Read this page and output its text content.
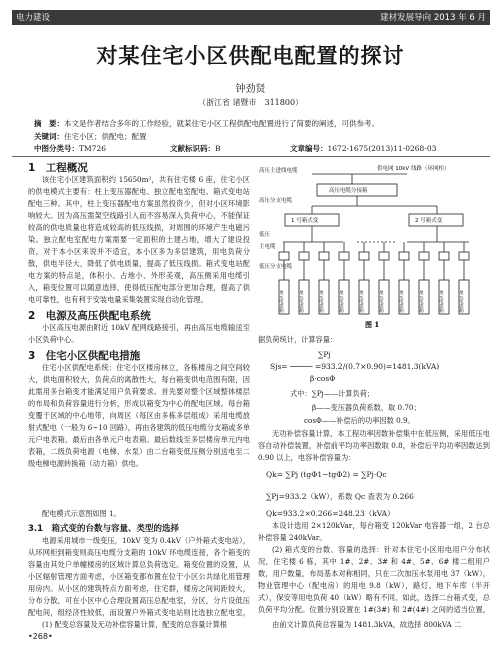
电力建设	建材发展导向 2013 年 6 月
对某住宅小区供配电配置的探讨
钟劲贤
（浙江省 诸暨市　311800）
摘　要：本文是作者结合多年的工作经验，就某住宅小区工程供配电配置进行了简要的阐述，可供参考。
关键词：住宅小区；供配电；配置
中图分类号：TM726	文献标识码：B	文章编号：1672-1675(2013)11-0268-03
1　工程概况
该住宅小区建筑面积约 15650m²，共有住宅楼 6 座，住宅小区的供电模式主要有：柱上变压器配电、独立配电室配电、箱式变电站配电三种。其中，柱上变压器配电方案虽然投资少，但对小区环境影响较大。因为高压需架空线路引入而不容易深入负荷中心，不能保证较高的供电质量也将造成较高的低压线损，对周围的环境产生电磁污染。独立配电室配电方案需要一定面积的土建占地，增大了建设投资，对于本小区来说并不适宜，本小区多为多层建筑，用电负荷分散，供电半径大，降低了供电质量，提高了低压线损。箱式变电站配电方案的特点是，体积小、占地小、外形美观，高压侧采用电缆引入，箱变位置可以随意选择，使得低压配电部分更加合理，提高了供电可靠性，也有利于安装电量采集装置实现自动化管理。
2　电源及高压供配电系统
小区高压电源由附近 10kV 配网线路接引，再由高压电缆输送至小区负荷中心。
3　住宅小区供配电措施
住宅小区供配电系统：住宅小区楼房林立，各栋楼房之间空间较大，供电面积较大，负荷点的离散性大，每台箱变供电范围有限，因此需用多台箱变才能满足用户负荷要求。首先要对整个区域整体楼层的布局和负荷容量进行分析，形成以箱变为中心的配电区域。每台箱变覆于区域的中心地带，向周区（每区由多栋多层组成）采用电缆放射式配电（一般为 6~10 回路），再由各建筑的低压电缆分支箱或多单元户电表箱，最后由各单元户电表箱。最后数线至多层楼房单元内电表箱，二级负荷电源（电梯、水泵）由二台箱变低压侧分别送电至二级电梯电源转换箱（动力箱）供电。
配电模式示意图如图 1。
3.1　箱式变的台数与容量、类型的选择
电源采用城市一级变压，10kV 变为 0.4kV（户外箱式变电站），从环网柜到箱变则高压电缆分支箱的 10kV 环电缆连接，各个箱变的容量由其处户单幢楼房的区域计算总负荷选定。箱变位置的设置，从小区辐射管理方面考虑，小区箱变都布置在位于小区公共绿化用管理用房内。从小区的建筑特点方面考虑，住宅群，楼房之间间距较大，分布分散，可在小区中心合理设置高压总配电室，分区，分片设低压配电间，组经济性较低，而设置户外箱式变电站则比选独立配电室，
(1) 配变总容量及无功补偿容量计算，配变的总容量计算根
高压主进线电缆	供电网 10kV 线路（环网柜）
高压电缆分接箱
高压分支电缆
1 号箱式变	2 号箱式变
低压
主电缆
低压分支电缆
单元电表箱	单元电表箱	单元电表箱	单元电表箱	单元电表箱	单元电表箱	单元电表箱	单元电表箱	单元电表箱	单元电表箱
图 1
据负荷统计，计算容量：
∑Pj
Sjs= ───── =933.2/(0.7×0.90)=1481.3(kVA)
β·cosΦ
式中：∑Pj——计算负荷；
β——变压器负荷系数，取 0.70；
cosΦ——补偿后的功率因数 0.9。
无功补偿容量计算，本工程功率因数补偿集中在低压侧，采用低压电容自动补偿装置，补偿前平均功率因数取 0.8，补偿后平均功率因数达到 0.90 以上，电容补偿容量为：
Qk= ∑Pj (tgΦ1−tgΦ2) = ∑Pj·Qc
∑Pj=933.2（kW），系数 Qc 查表为 0.266
Qk=933.2×0.266=248.23（kVA）
本设计选用 2×120kVar，每台箱变 120kVar 电容器一组，2 台总补偿容量 240kVar。
(2) 箱式变的台数、容量的选择：针对本住宅小区用电用户分布状况，住宅楼 6 栋，其中 1#、2#、3# 和 4#、5#、6# 楼二组用户数，用户数量，布局基本对称相同，只在二次加压水泵用电 37（kW），物业管理中心（配电房）的用电 9.8（kW），路灯、地下车库（半开式），保安等用电负荷 40（kW）略有不同。如此，选择二台箱式变，总负荷平均分配。位置分别设置在 1#(3#) 和 2#(4#) 之间的适当位置，
由前文计算负荷总容量为 1481.3kVA，故选择 800kVA 二
•268•
